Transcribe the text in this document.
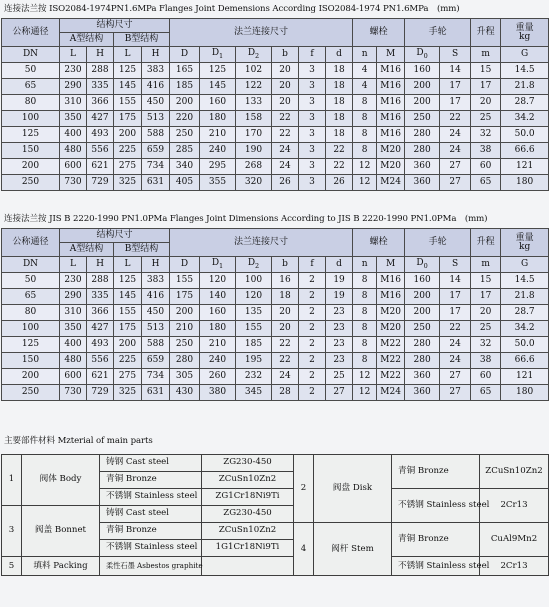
连接法兰按 ISO2084-1974PN1.6MPa Flanges Joint Demensions According ISO2084-1974 PN1.6MPa　(mm)
公称通径	结构尺寸				法兰连接尺寸						螺栓		手轮		升程	重量
kg
	A型结构		B型结构													
DN	L	H	L	H	D	$D_1$	$D_2$	b	f	d	n	M	$D_0$	S	m	G
50	230	288	125	383	165	125	102	20	3	18	4	M16	160	14	15	14.5
65	290	335	145	416	185	145	122	20	3	18	4	M16	200	17	17	21.8
80	310	366	155	450	200	160	133	20	3	18	8	M16	200	17	20	28.7
100	350	427	175	513	220	180	158	22	3	18	8	M16	250	22	25	34.2
125	400	493	200	588	250	210	170	22	3	18	8	M16	280	24	32	50.0
150	480	556	225	659	285	240	190	24	3	22	8	M20	280	24	38	66.6
200	600	621	275	734	340	295	268	24	3	22	12	M20	360	27	60	121
250	730	729	325	631	405	355	320	26	3	26	12	M24	360	27	65	180
连接法兰按 JIS B 2220-1990 PN1.0PMa Flanges Joint Dimensions According to JIS B 2220-1990 PN1.0PMa　(mm)
公称通径	结构尺寸				法兰连接尺寸						螺栓		手轮		升程	重量
kg
	A型结构		B型结构													
DN	L	H	L	H	D	$D_1$	$D_2$	b	f	d	n	M	$D_0$	S	m	G
50	230	288	125	383	155	120	100	16	2	19	8	M16	160	14	15	14.5
65	290	335	145	416	175	140	120	18	2	19	8	M16	200	17	17	21.8
80	310	366	155	450	200	160	135	20	2	23	8	M20	200	17	20	28.7
100	350	427	175	513	210	180	155	20	2	23	8	M20	250	22	25	34.2
125	400	493	200	588	250	210	185	22	2	23	8	M22	280	24	32	50.0
150	480	556	225	659	280	240	195	22	2	23	8	M22	280	24	38	66.6
200	600	621	275	734	305	260	232	24	2	25	12	M22	360	27	60	121
250	730	729	325	631	430	380	345	28	2	27	12	M24	360	27	65	180
主要部件材料 Mzterial of main parts
1	阀体 Body	铸钢 Cast steel	ZG230-450	2	阀盘 Disk	青铜 Bronze	ZCuSn10Zn2	
		青铜 Bronze	ZCuSn10Zn2					
		不锈钢 Stainless steel	ZG1Cr18Ni9Ti			不锈钢 Stainless steel	2Cr13	
3	阀盖 Bonnet	铸钢 Cast steel	ZG230-450					
		青铜 Bronze	ZCuSn10Zn2	4	阀杆 Stem	青铜 Bronze	CuAl9Mn2	
		不锈钢 Stainless steel	1G1Cr18Ni9Ti					
5	填料 Packing	柔性石墨 Asbestos graphite				不锈钢 Stainless steel	2Cr13	
